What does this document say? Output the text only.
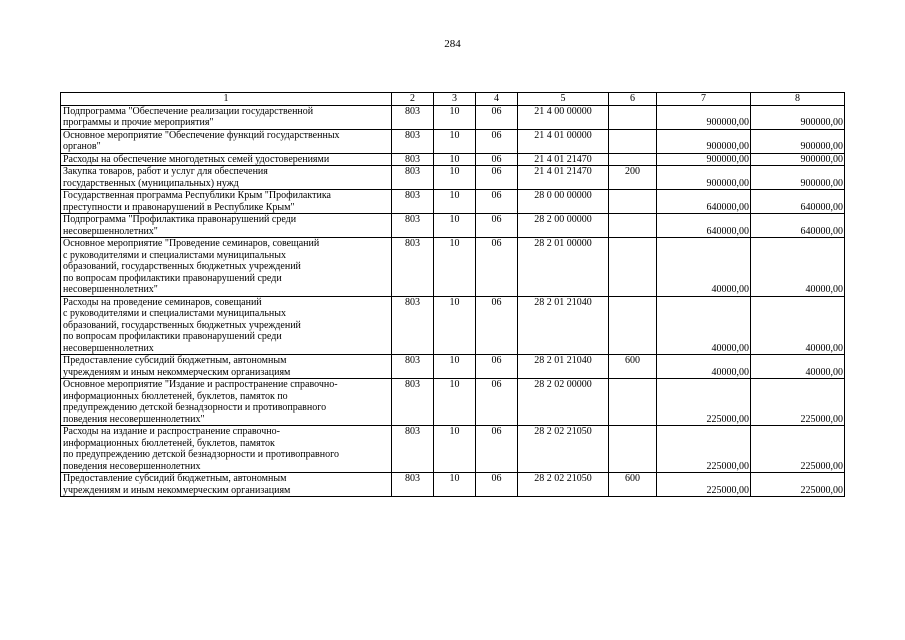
284
1	2	3	4	5	6	7	8
Подпрограмма "Обеспечение реализации государственной
программы и прочие мероприятия"	803	10	06	21 4 00 00000		900000,00	900000,00
Основное мероприятие "Обеспечение функций государственных
органов"	803	10	06	21 4 01 00000		900000,00	900000,00
Расходы на обеспечение многодетных семей удостоверениями	803	10	06	21 4 01 21470		900000,00	900000,00
Закупка товаров, работ и услуг для обеспечения
государственных (муниципальных) нужд	803	10	06	21 4 01 21470	200	900000,00	900000,00
Государственная программа Республики Крым "Профилактика
преступности и правонарушений в Республике Крым"	803	10	06	28 0 00 00000		640000,00	640000,00
Подпрограмма "Профилактика правонарушений среди
несовершеннолетних"	803	10	06	28 2 00 00000		640000,00	640000,00
Основное мероприятие "Проведение семинаров, совещаний
с руководителями и специалистами муниципальных
образований, государственных бюджетных учреждений
по вопросам профилактики правонарушений среди
несовершеннолетних"	803	10	06	28 2 01 00000		40000,00	40000,00
Расходы на проведение семинаров, совещаний
с руководителями и специалистами муниципальных
образований, государственных бюджетных учреждений
по вопросам профилактики правонарушений среди
несовершеннолетних	803	10	06	28 2 01 21040		40000,00	40000,00
Предоставление субсидий бюджетным, автономным
учреждениям и иным некоммерческим организациям	803	10	06	28 2 01 21040	600	40000,00	40000,00
Основное мероприятие "Издание и распространение справочно-
информационных бюллетеней, буклетов, памяток по
предупреждению детской безнадзорности и противоправного
поведения несовершеннолетних"	803	10	06	28 2 02 00000		225000,00	225000,00
Расходы на издание и распространение справочно-
информационных бюллетеней, буклетов, памяток
по предупреждению детской безнадзорности и противоправного
поведения несовершеннолетних	803	10	06	28 2 02 21050		225000,00	225000,00
Предоставление субсидий бюджетным, автономным
учреждениям и иным некоммерческим организациям	803	10	06	28 2 02 21050	600	225000,00	225000,00
